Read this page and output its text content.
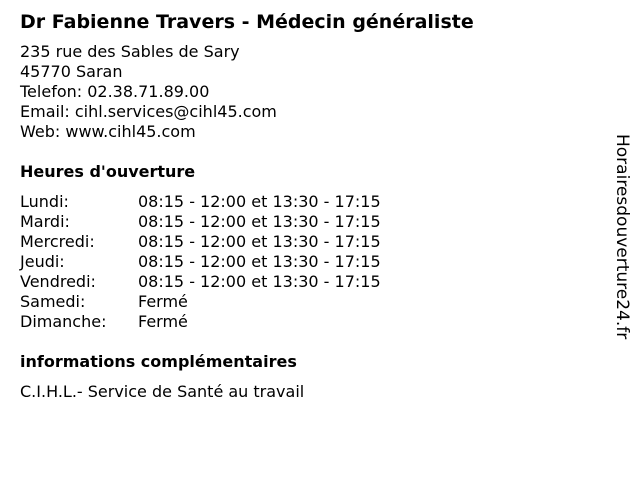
Dr Fabienne Travers - Médecin généraliste
235 rue des Sables de Sary
45770 Saran
Telefon: 02.38.71.89.00
Email: cihl.services@cihl45.com
Web: www.cihl45.com
Heures d'ouverture
Lundi:	08:15 - 12:00 et 13:30 - 17:15
Mardi:	08:15 - 12:00 et 13:30 - 17:15
Mercredi:	08:15 - 12:00 et 13:30 - 17:15
Jeudi:	08:15 - 12:00 et 13:30 - 17:15
Vendredi:	08:15 - 12:00 et 13:30 - 17:15
Samedi:	Fermé
Dimanche:	Fermé
informations complémentaires
C.I.H.L.- Service de Santé au travail
Horairesdouverture24.fr
